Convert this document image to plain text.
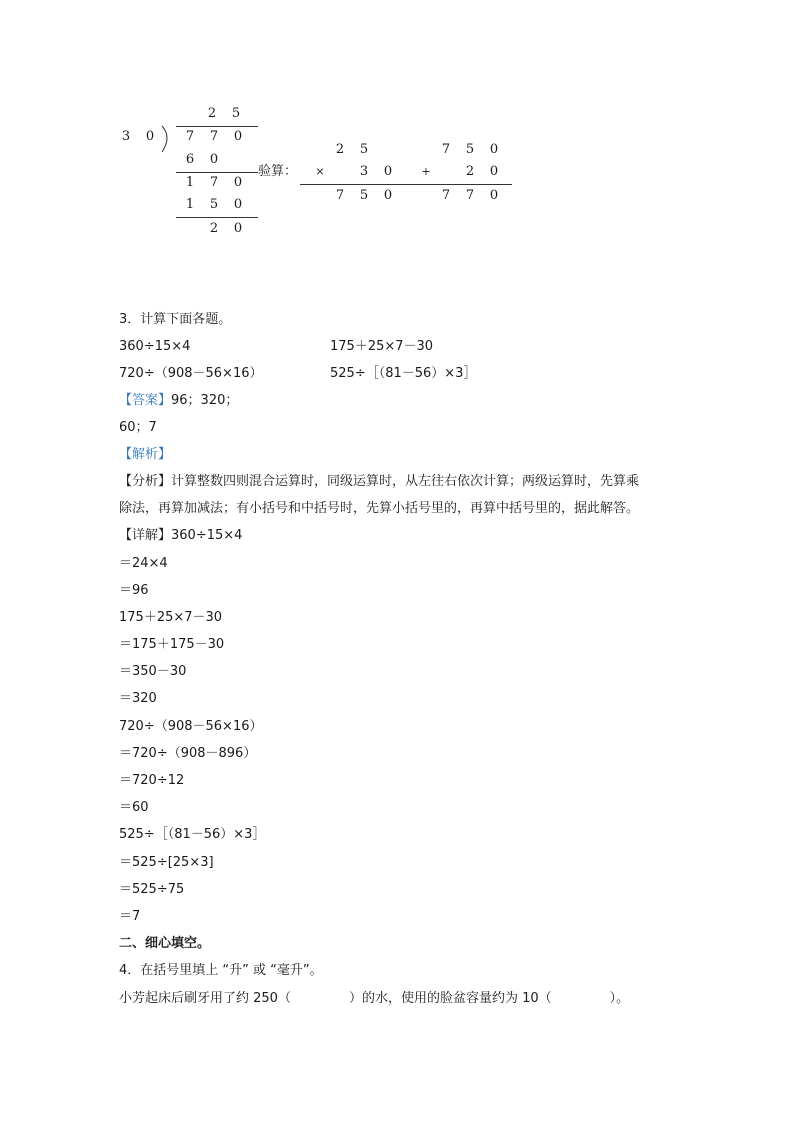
2 5
3 0 7 7 0
6 0
1 7 0
1 5 0
2 0
验算：
2 5
×	3 0
7 5 0
7 5 0
+	2 0
7 7 0
3．计算下面各题。
360÷15×4	175＋25×7－30
720÷（908－56×16）	525÷［（81－56）×3］
【答案】96；320；
60；7
【解析】
【分析】计算整数四则混合运算时，同级运算时，从左往右依次计算；两级运算时，先算乘
除法，再算加减法；有小括号和中括号时，先算小括号里的，再算中括号里的，据此解答。
【详解】360÷15×4
＝24×4
＝96
175＋25×7－30
＝175＋175－30
＝350－30
＝320
720÷（908－56×16）
＝720÷（908－896）
＝720÷12
＝60
525÷［（81－56）×3］
＝525÷[25×3]
＝525÷75
＝7
二、细心填空。
4．在括号里填上 “升” 或 “毫升”。
小芳起床后刷牙用了约 250（	）的水，使用的脸盆容量约为 10（	）。
